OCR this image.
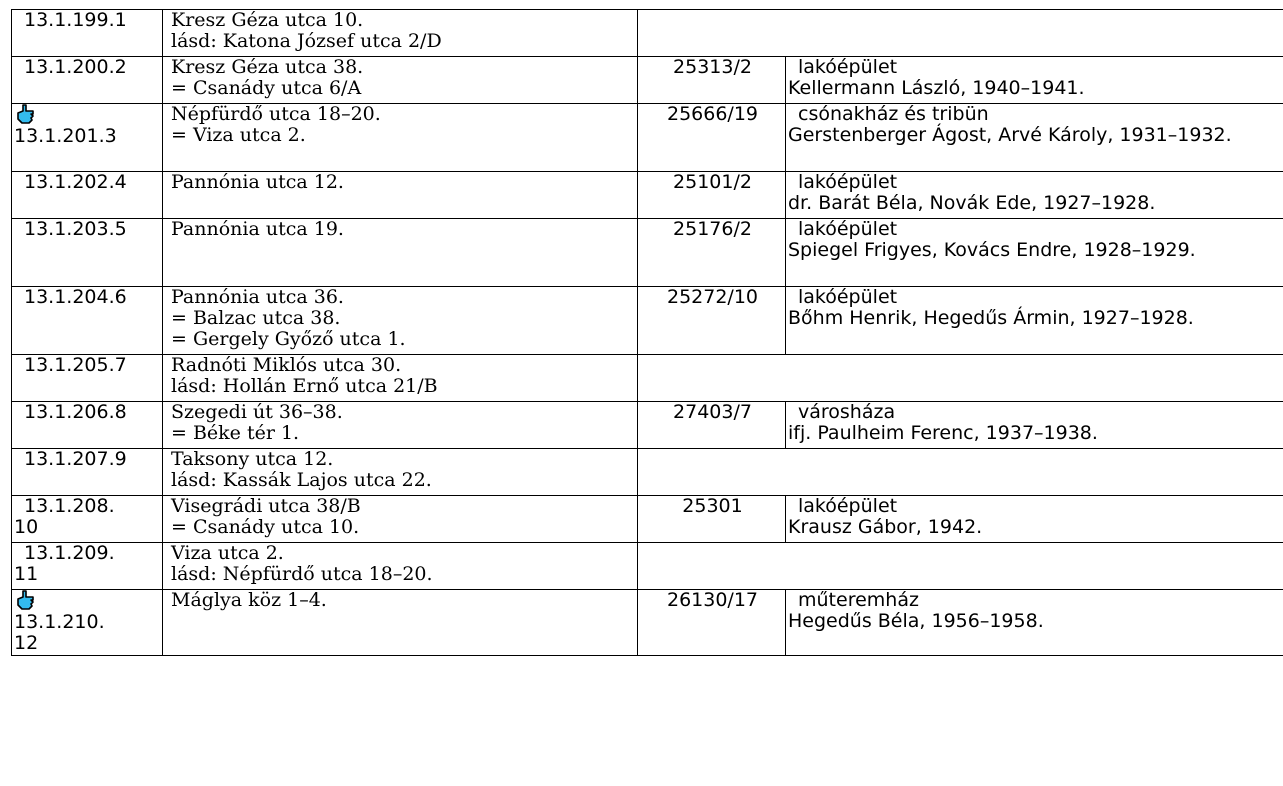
13.1.199.1	Kresz Géza utca 10.
lásd: Katona József utca 2/D		

13.1.200.2	Kresz Géza utca 38.
= Csanády utca 6/A	25313/2	lakóépület
Kellermann László, 1940–1941.

13.1.201.3	Népfürdő utca 18–20.
= Viza utca 2.	25666/19	csónakház és tribün
Gerstenberger Ágost, Arvé Károly, 1931–1932.

13.1.202.4	Pannónia utca 12.	25101/2	lakóépület
dr. Barát Béla, Novák Ede, 1927–1928.

13.1.203.5	Pannónia utca 19.	25176/2	lakóépület
Spiegel Frigyes, Kovács Endre, 1928–1929.

13.1.204.6	Pannónia utca 36.
= Balzac utca 38.
= Gergely Győző utca 1.	25272/10	lakóépület
Bőhm Henrik, Hegedűs Ármin, 1927–1928.

13.1.205.7	Radnóti Miklós utca 30.
lásd: Hollán Ernő utca 21/B		

13.1.206.8	Szegedi út 36–38.
= Béke tér 1.	27403/7	városháza
ifj. Paulheim Ferenc, 1937–1938.

13.1.207.9	Taksony utca 12.
lásd: Kassák Lajos utca 22.		

13.1.208.
10	Visegrádi utca 38/B
= Csanády utca 10.	25301	lakóépület
Krausz Gábor, 1942.

13.1.209.
11	Viza utca 2.
lásd: Népfürdő utca 18–20.		

13.1.210.
12	Máglya köz 1–4.	26130/17	műteremház
Hegedűs Béla, 1956–1958.
